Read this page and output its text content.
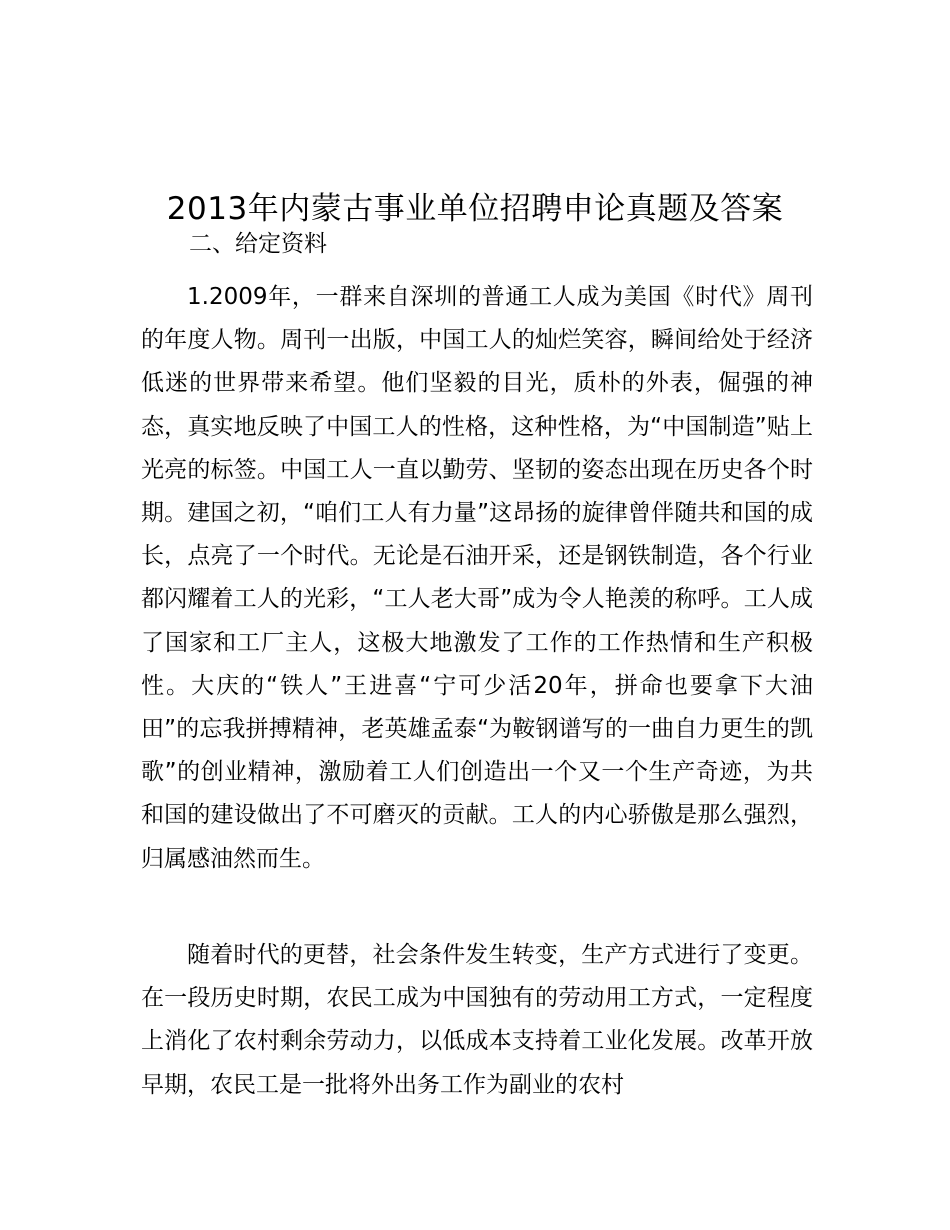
2013年内蒙古事业单位招聘申论真题及答案
二、给定资料

1.2009年，一群来自深圳的普通工人成为美国《时代》周刊的年度人物。周刊一出版，中国工人的灿烂笑容，瞬间给处于经济低迷的世界带来希望。他们坚毅的目光，质朴的外表，倔强的神态，真实地反映了中国工人的性格，这种性格，为“中国制造”贴上光亮的标签。中国工人一直以勤劳、坚韧的姿态出现在历史各个时期。建国之初，“咱们工人有力量”这昂扬的旋律曾伴随共和国的成长，点亮了一个时代。无论是石油开采，还是钢铁制造，各个行业都闪耀着工人的光彩，“工人老大哥”成为令人艳羡的称呼。工人成了国家和工厂主人，这极大地激发了工作的工作热情和生产积极性。大庆的“铁人”王进喜“宁可少活20年，拼命也要拿下大油田”的忘我拼搏精神，老英雄孟泰“为鞍钢谱写的一曲自力更生的凯歌”的创业精神，激励着工人们创造出一个又一个生产奇迹，为共和国的建设做出了不可磨灭的贡献。工人的内心骄傲是那么强烈，归属感油然而生。

随着时代的更替，社会条件发生转变，生产方式进行了变更。在一段历史时期，农民工成为中国独有的劳动用工方式，一定程度上消化了农村剩余劳动力，以低成本支持着工业化发展。改革开放早期，农民工是一批将外出务工作为副业的农村
